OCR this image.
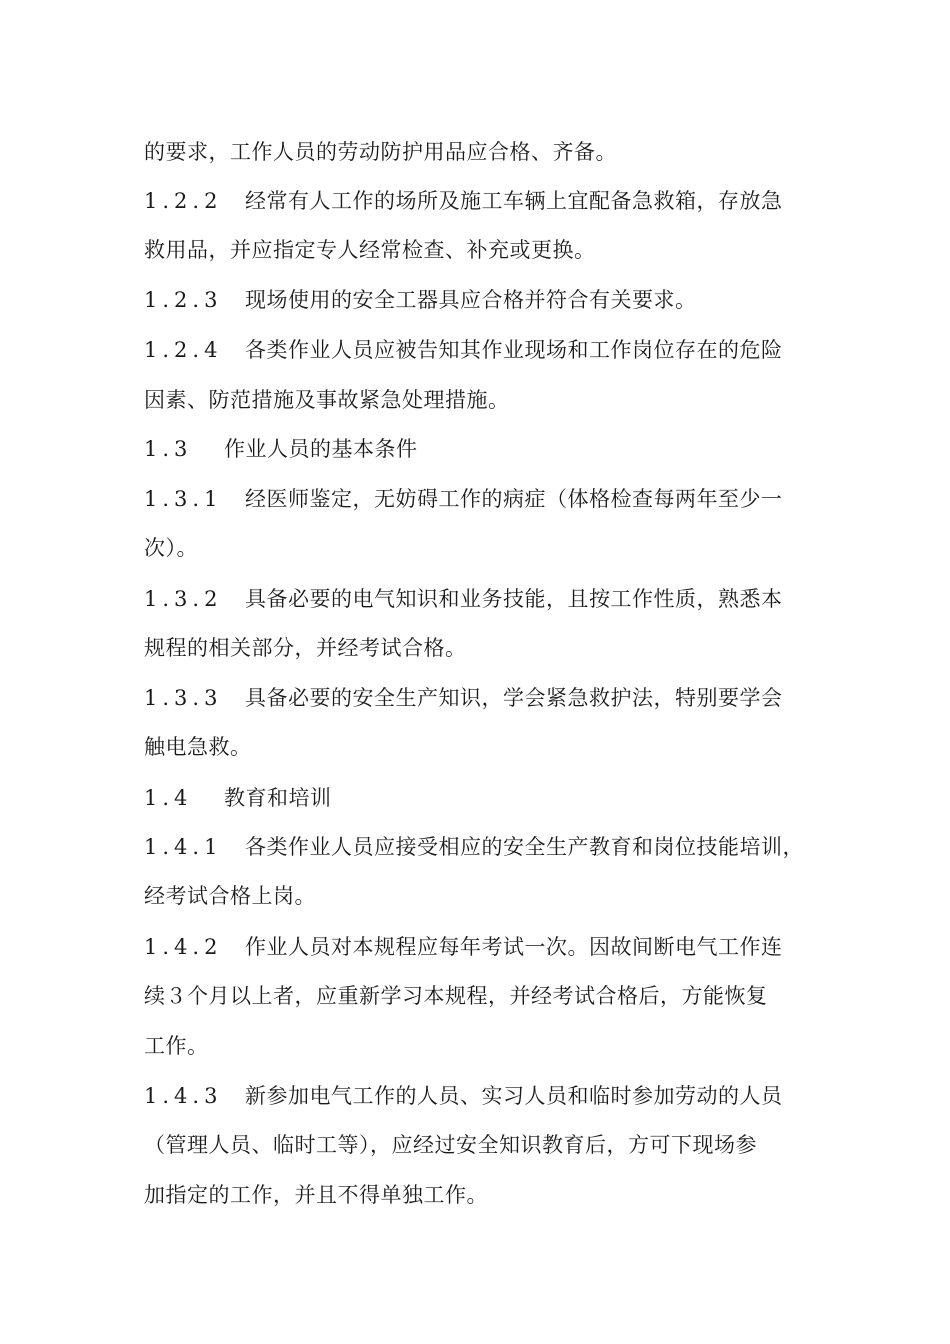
的要求，工作人员的劳动防护用品应合格、齐备。
1.2.2 经常有人工作的场所及施工车辆上宜配备急救箱，存放急
救用品，并应指定专人经常检查、补充或更换。
1.2.3 现场使用的安全工器具应合格并符合有关要求。
1.2.4 各类作业人员应被告知其作业现场和工作岗位存在的危险
因素、防范措施及事故紧急处理措施。
1.3 作业人员的基本条件
1.3.1 经医师鉴定，无妨碍工作的病症（体格检查每两年至少一
次）。
1.3.2 具备必要的电气知识和业务技能，且按工作性质，熟悉本
规程的相关部分，并经考试合格。
1.3.3 具备必要的安全生产知识，学会紧急救护法，特别要学会
触电急救。
1.4 教育和培训
1.4.1 各类作业人员应接受相应的安全生产教育和岗位技能培训，
经考试合格上岗。
1.4.2 作业人员对本规程应每年考试一次。因故间断电气工作连
续３个月以上者，应重新学习本规程，并经考试合格后，方能恢复
工作。
1.4.3 新参加电气工作的人员、实习人员和临时参加劳动的人员
（管理人员、临时工等），应经过安全知识教育后，方可下现场参
加指定的工作，并且不得单独工作。
